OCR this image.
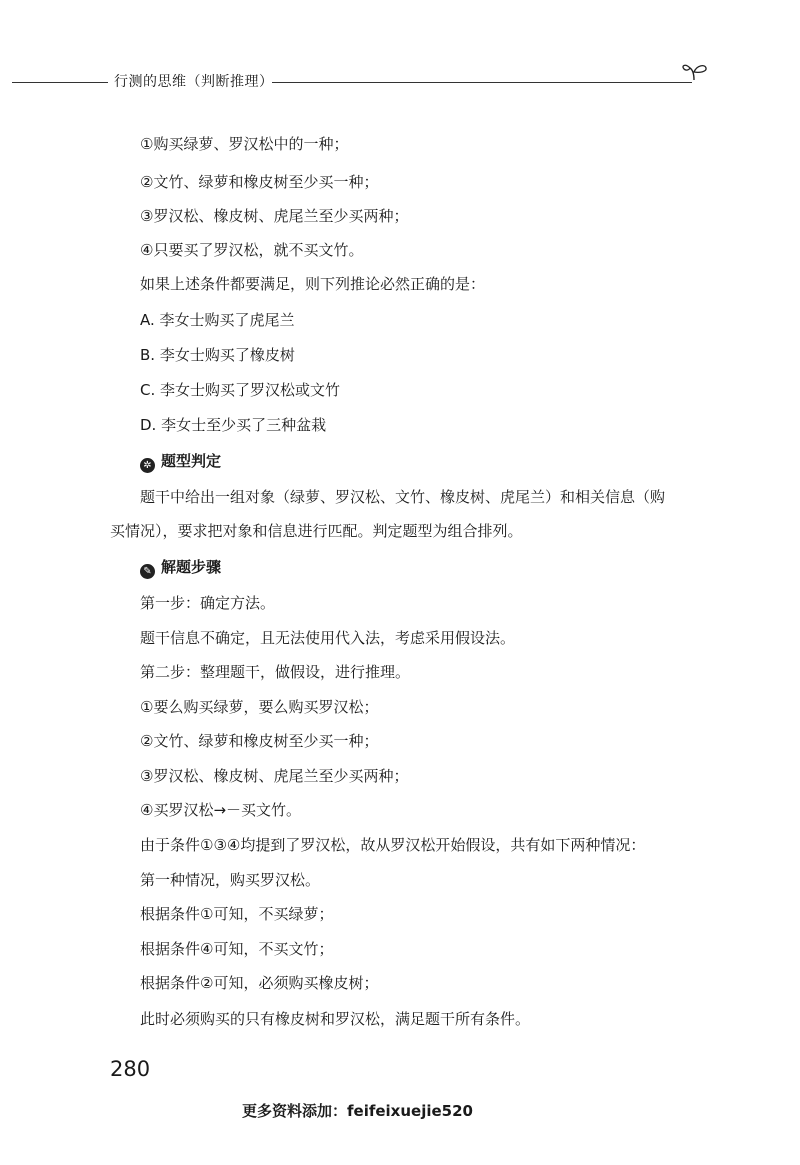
行测的思维（判断推理）
①购买绿萝、罗汉松中的一种；
②文竹、绿萝和橡皮树至少买一种；
③罗汉松、橡皮树、虎尾兰至少买两种；
④只要买了罗汉松，就不买文竹。
如果上述条件都要满足，则下列推论必然正确的是：
A. 李女士购买了虎尾兰
B. 李女士购买了橡皮树
C. 李女士购买了罗汉松或文竹
D. 李女士至少买了三种盆栽
✲ 题型判定
题干中给出一组对象（绿萝、罗汉松、文竹、橡皮树、虎尾兰）和相关信息（购
买情况），要求把对象和信息进行匹配。判定题型为组合排列。
✎ 解题步骤
第一步：确定方法。
题干信息不确定，且无法使用代入法，考虑采用假设法。
第二步：整理题干，做假设，进行推理。
①要么购买绿萝，要么购买罗汉松；
②文竹、绿萝和橡皮树至少买一种；
③罗汉松、橡皮树、虎尾兰至少买两种；
④买罗汉松→－买文竹。
由于条件①③④均提到了罗汉松，故从罗汉松开始假设，共有如下两种情况：
第一种情况，购买罗汉松。
根据条件①可知，不买绿萝；
根据条件④可知，不买文竹；
根据条件②可知，必须购买橡皮树；
此时必须购买的只有橡皮树和罗汉松，满足题干所有条件。
280
更多资料添加：feifeixuejie520
